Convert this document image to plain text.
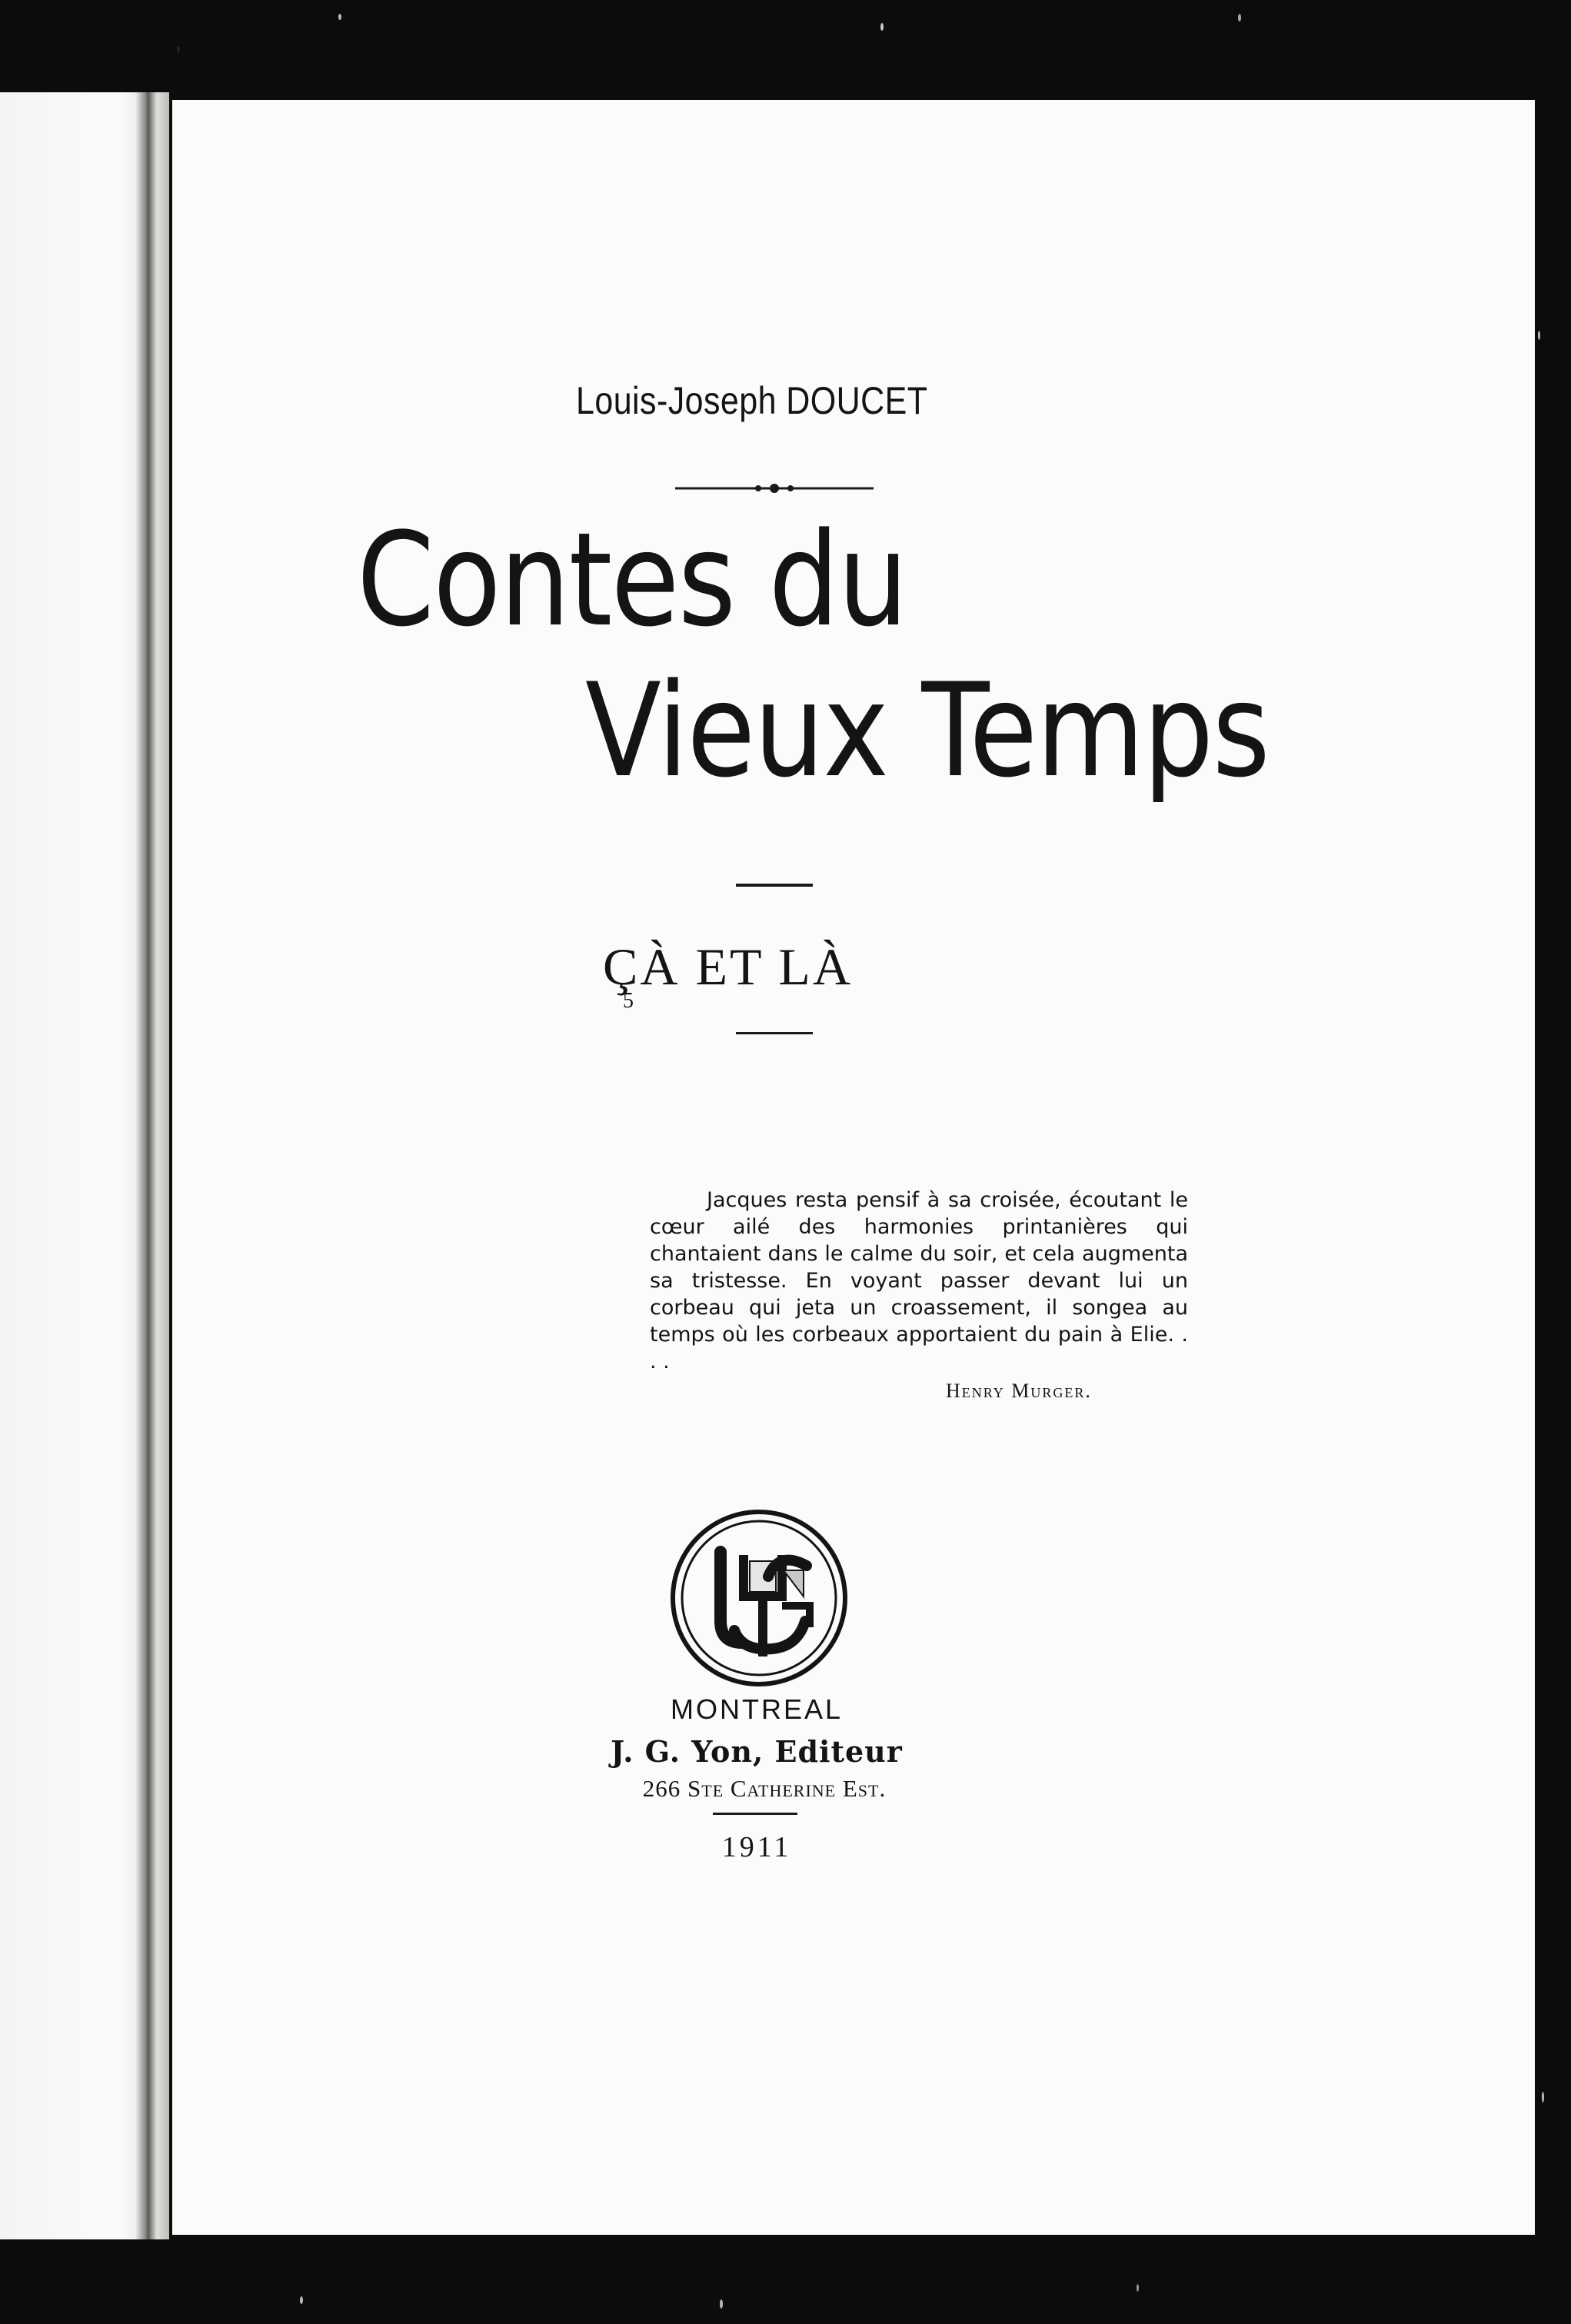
Louis-Joseph DOUCET
Contes du
Vieux Temps
ÇÀ ET LÀ
5

Jacques resta pensif à sa croisée, écoutant le cœur ailé des harmonies printanières qui chantaient dans le calme du soir, et cela augmenta sa tristesse. En voyant passer devant lui un corbeau qui jeta un croassement, il songea au temps où les corbeaux apportaient du pain à Elie. . . .

Henry Murger.
MONTREAL
J. G. Yon, Editeur
266 Ste Catherine Est.
1911
